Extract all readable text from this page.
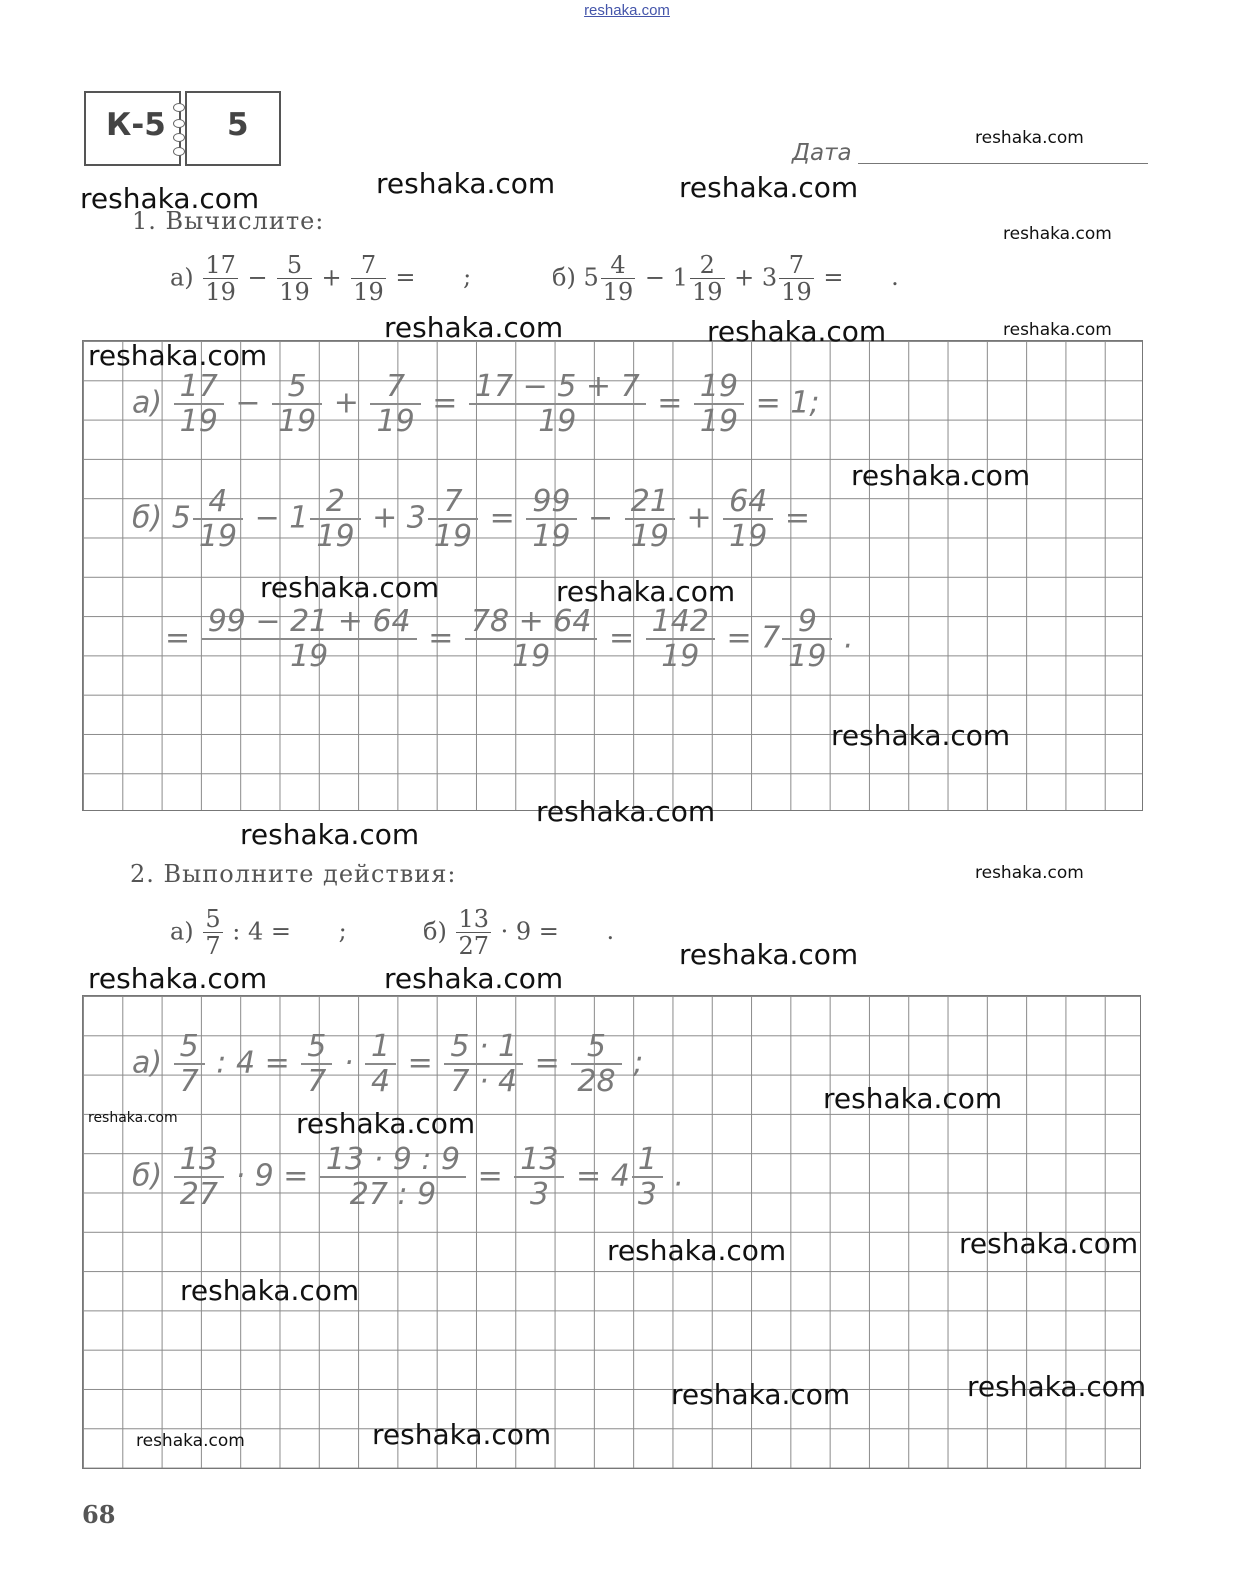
reshaka.com
К-5 5
Дата
1. Вычислите:
$а) \frac{17}{19} - \frac{5}{19} + \frac{7}{19}$ = ;	б) $5 \frac{4}{19} - 1 \frac{2}{19} + 3 \frac{7}{19}$ = .
$а) \frac{17}{19} - \frac{5}{19} + \frac{7}{19} = \frac{17 - 5 + 7}{19} = \frac{19}{19} = 1$;
б) $5 \frac{4}{19} - 1 \frac{2}{19} + 3 \frac{7}{19} = \frac{99}{19} - \frac{21}{19} + \frac{64}{19}$ =
= $\frac{99 - 21 + 64}{19} = \frac{78 + 64}{19} = \frac{142}{19} = 7 \frac{9}{19}$ .
2. Выполните действия:
$а) \frac{5}{7}$ : 4 = ;	$б) \frac{13}{27} \cdot 9$ = .
$а) \frac{5}{7}$ : $4 = \frac{5}{7} \cdot \frac{1}{4} = \frac{5 \cdot 1}{7 \cdot 4} = \frac{5}{28}$ ;
$б) \frac{13}{27} \cdot 9 = \frac{13 \cdot 9 : 9}{27 : 9} = \frac{13}{3} = 4 \frac{1}{3}$ .
reshaka.com
reshaka.com	reshaka.com	reshaka.com
reshaka.com
reshaka.com	reshaka.com	reshaka.com
reshaka.com
reshaka.com
reshaka.com	reshaka.com
reshaka.com
reshaka.com
reshaka.com
reshaka.com
reshaka.com
reshaka.com	reshaka.com
reshaka.com
reshaka.com	reshaka.com
reshaka.com
reshaka.com
reshaka.com
reshaka.com
reshaka.com
reshaka.com
reshaka.com
68
